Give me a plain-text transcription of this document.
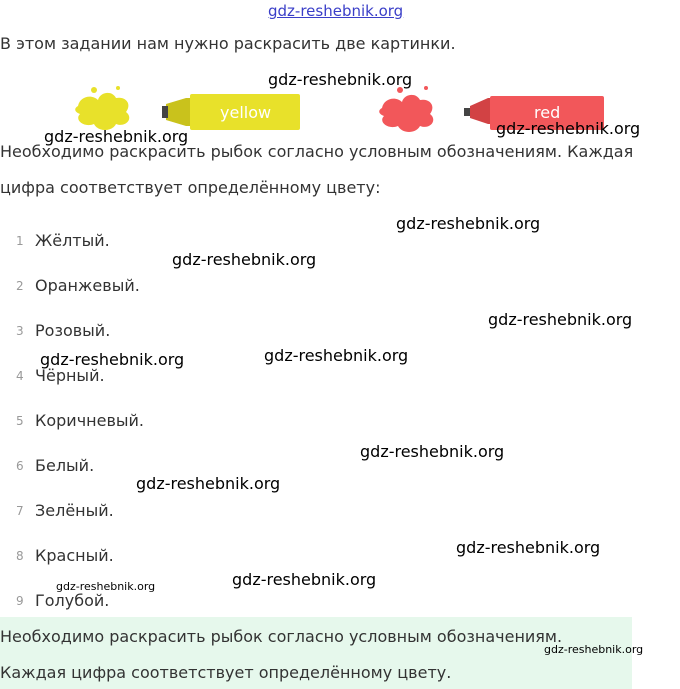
gdz-reshebnik.org
В этом задании нам нужно раскрасить две картинки.
yellow	red
Необходимо раскрасить рыбок согласно условным обозначениям. Каждая
цифра соответствует определённому цвету:
1 Жёлтый.
2 Оранжевый.
3 Розовый.
4 Чёрный.
5 Коричневый.
6 Белый.
7 Зелёный.
8 Красный.
9 Голубой.
Необходимо раскрасить рыбок согласно условным обозначениям.
Каждая цифра соответствует определённому цвету.
gdz-reshebnik.org
gdz-reshebnik.org	gdz-reshebnik.org
gdz-reshebnik.org
gdz-reshebnik.org
gdz-reshebnik.org
gdz-reshebnik.org	gdz-reshebnik.org
gdz-reshebnik.org
gdz-reshebnik.org
gdz-reshebnik.org
gdz-reshebnik.org
gdz-reshebnik.org
gdz-reshebnik.org
